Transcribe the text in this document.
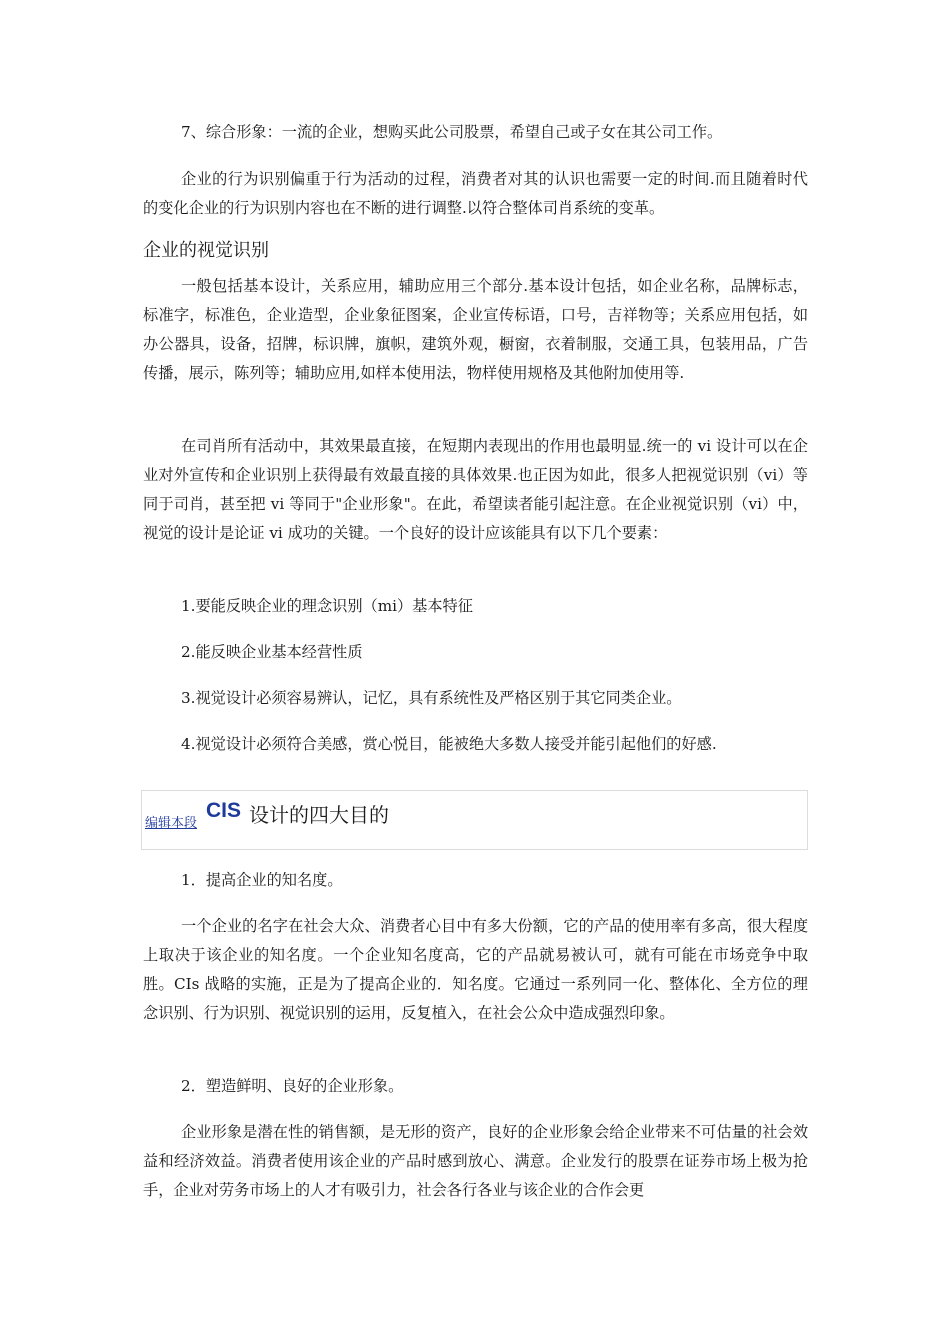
7、综合形象：一流的企业，想购买此公司股票，希望自己或子女在其公司工作。

企业的行为识别偏重于行为活动的过程，消费者对其的认识也需要一定的时间.而且随着时代的变化企业的行为识别内容也在不断的进行调整.以符合整体司肖系统的变革。

企业的视觉识别

一般包括基本设计，关系应用，辅助应用三个部分.基本设计包括，如企业名称，品牌标志，标准字，标准色，企业造型，企业象征图案，企业宣传标语，口号，吉祥物等；关系应用包括，如办公器具，设备，招牌，标识牌，旗帜，建筑外观，橱窗，衣着制服，交通工具，包装用品，广告传播，展示，陈列等；辅助应用,如样本使用法，物样使用规格及其他附加使用等.

在司肖所有活动中，其效果最直接，在短期内表现出的作用也最明显.统一的 vi 设计可以在企业对外宣传和企业识别上获得最有效最直接的具体效果.也正因为如此，很多人把视觉识别（vi）等同于司肖，甚至把 vi 等同于"企业形象"。在此，希望读者能引起注意。在企业视觉识别（vi）中，视觉的设计是论证 vi 成功的关键。一个良好的设计应该能具有以下几个要素：

1.要能反映企业的理念识别（mi）基本特征

2.能反映企业基本经营性质

3.视觉设计必须容易辨认，记忆，具有系统性及严格区别于其它同类企业。

4.视觉设计必须符合美感，赏心悦目，能被绝大多数人接受并能引起他们的好感.

编辑本段
CIS 设计的四大目的

1．提高企业的知名度。

一个企业的名字在社会大众、消费者心目中有多大份额，它的产品的使用率有多高，很大程度上取决于该企业的知名度。一个企业知名度高，它的产品就易被认可，就有可能在市场竞争中取胜。CIs 战略的实施，正是为了提高企业的．知名度。它通过一系列同一化、整体化、全方位的理念识别、行为识别、视觉识别的运用，反复植入，在社会公众中造成强烈印象。

2．塑造鲜明、良好的企业形象。

企业形象是潜在性的销售额，是无形的资产，良好的企业形象会给企业带来不可估量的社会效益和经济效益。消费者使用该企业的产品时感到放心、满意。企业发行的股票在证券市场上极为抢手，企业对劳务市场上的人才有吸引力，社会各行各业与该企业的合作会更
